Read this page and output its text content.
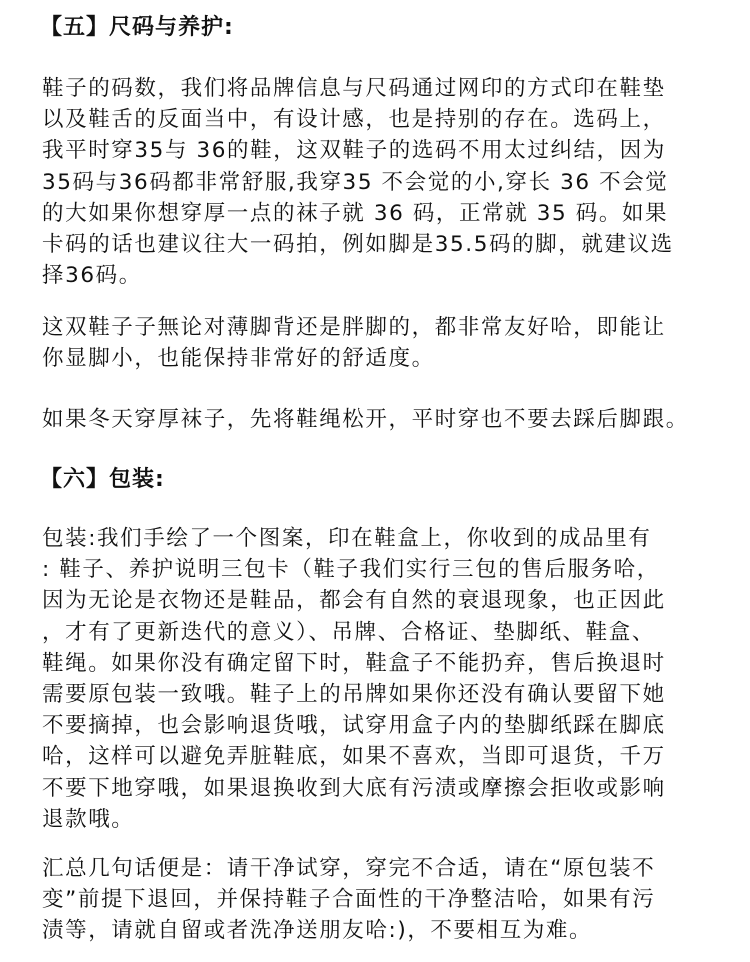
【五】尺码与养护:
鞋子的码数，我们将品牌信息与尺码通过网印的方式印在鞋垫
以及鞋舌的反面当中，有设计感，也是持别的存在。选码上，
我平时穿35与 36的鞋，这双鞋子的选码不用太过纠结，因为
35码与36码都非常舒服,我穿35 不会觉的小,穿长 36 不会觉
的大如果你想穿厚一点的袜子就 36 码，正常就 35 码。如果
卡码的话也建议往大一码拍，例如脚是35.5码的脚，就建议选
择36码。
这双鞋子子無论对薄脚背还是胖脚的，都非常友好哈，即能让
你显脚小，也能保持非常好的舒适度。
如果冬天穿厚袜子，先将鞋绳松开，平时穿也不要去踩后脚跟。
【六】包装:
包装:我们手绘了一个图案，印在鞋盒上，你收到的成品里有
: 鞋子、养护说明三包卡（鞋子我们实行三包的售后服务哈，
因为无论是衣物还是鞋品，都会有自然的衰退现象，也正因此
，才有了更新迭代的意义）、吊牌、合格证、垫脚纸、鞋盒、
鞋绳。如果你没有确定留下时，鞋盒子不能扔弃，售后换退时
需要原包装一致哦。鞋子上的吊牌如果你还没有确认要留下她
不要摘掉，也会影响退货哦，试穿用盒子内的垫脚纸踩在脚底
哈，这样可以避免弄脏鞋底，如果不喜欢，当即可退货，千万
不要下地穿哦，如果退换收到大底有污渍或摩擦会拒收或影响
退款哦。
汇总几句话便是：请干净试穿，穿完不合适，请在“原包装不
变”前提下退回，并保持鞋子合面性的干净整洁哈，如果有污
渍等，请就自留或者洗净送朋友哈:)，不要相互为难。
